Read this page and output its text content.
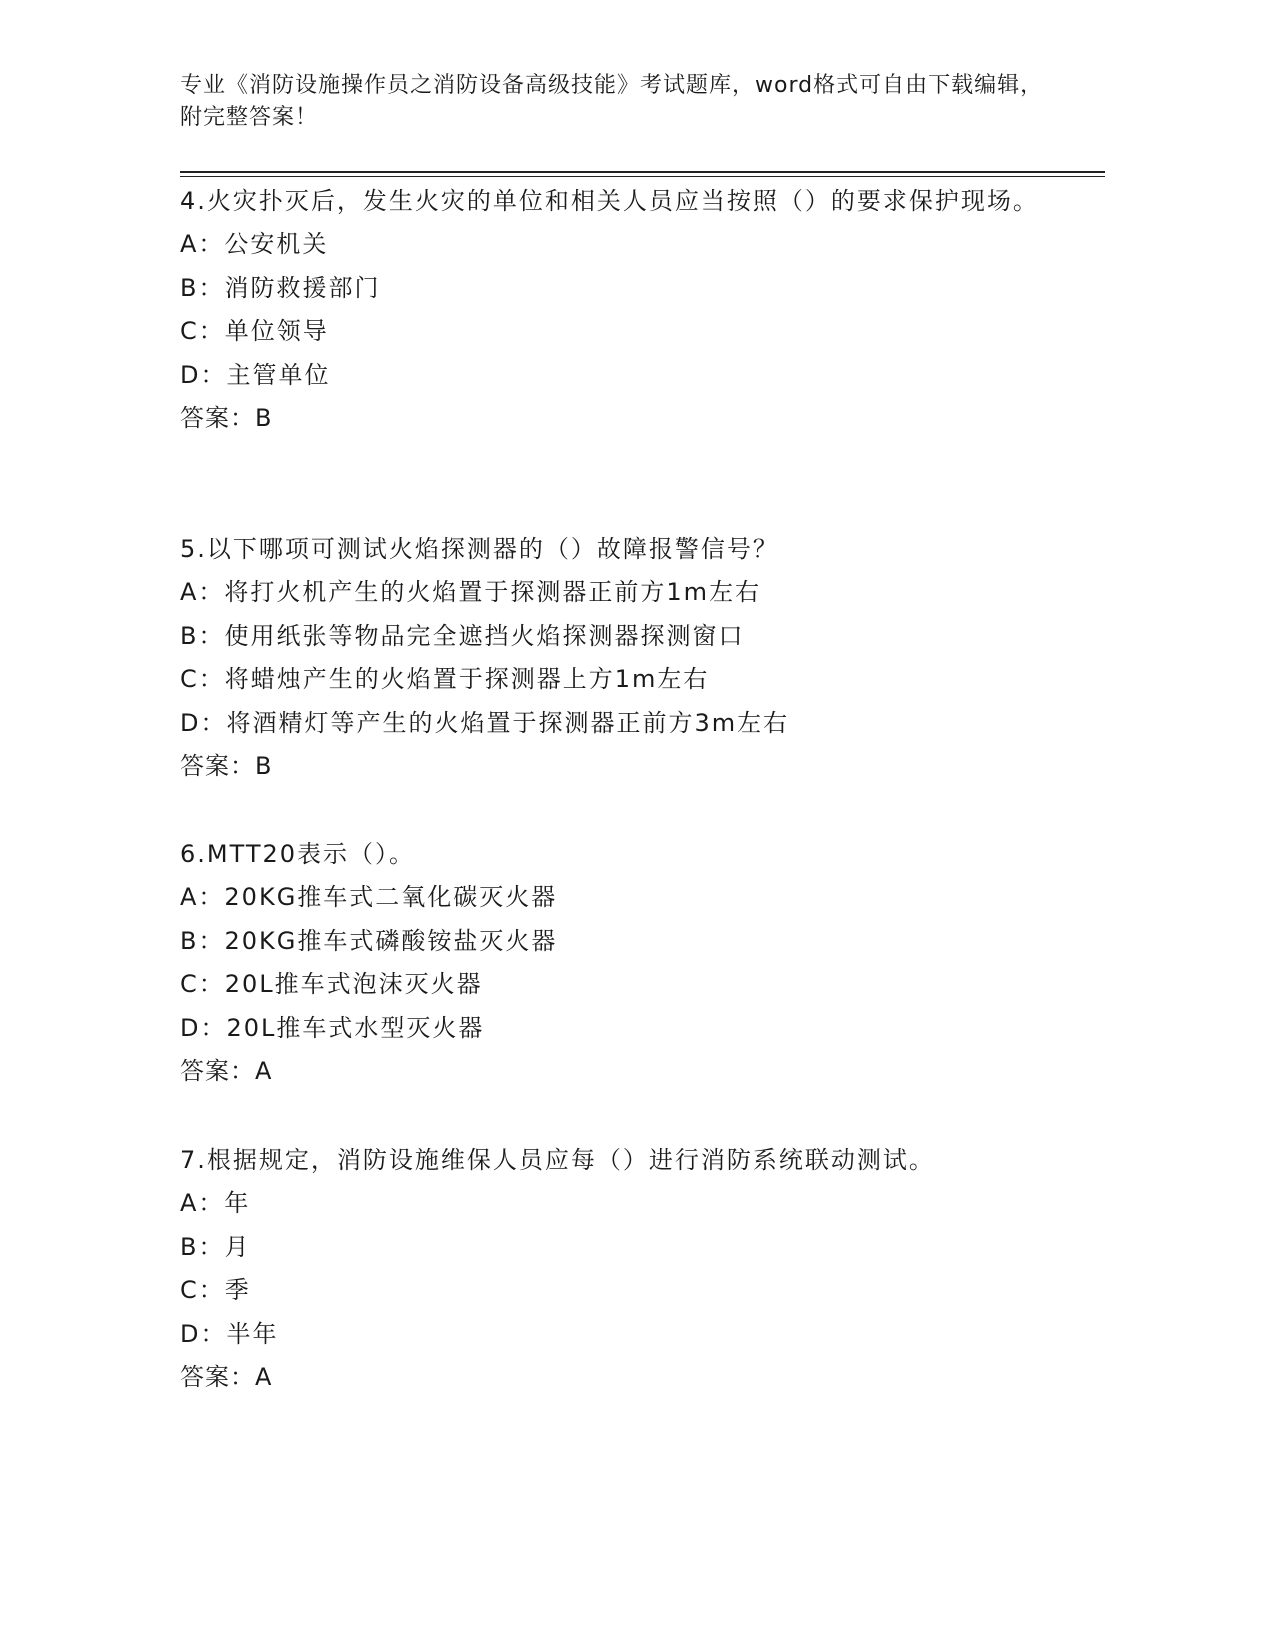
专业《消防设施操作员之消防设备高级技能》考试题库，word格式可自由下载编辑，附完整答案！

4.火灾扑灭后，发生火灾的单位和相关人员应当按照（）的要求保护现场。

A：公安机关

B：消防救援部门

C：单位领导

D：主管单位

答案：B

5.以下哪项可测试火焰探测器的（）故障报警信号？

A：将打火机产生的火焰置于探测器正前方1m左右

B：使用纸张等物品完全遮挡火焰探测器探测窗口

C：将蜡烛产生的火焰置于探测器上方1m左右

D：将酒精灯等产生的火焰置于探测器正前方3m左右

答案：B

6.MTT20表示（）。

A：20KG推车式二氧化碳灭火器

B：20KG推车式磷酸铵盐灭火器

C：20L推车式泡沫灭火器

D：20L推车式水型灭火器

答案：A

7.根据规定，消防设施维保人员应每（）进行消防系统联动测试。

A：年

B：月

C：季

D：半年

答案：A
